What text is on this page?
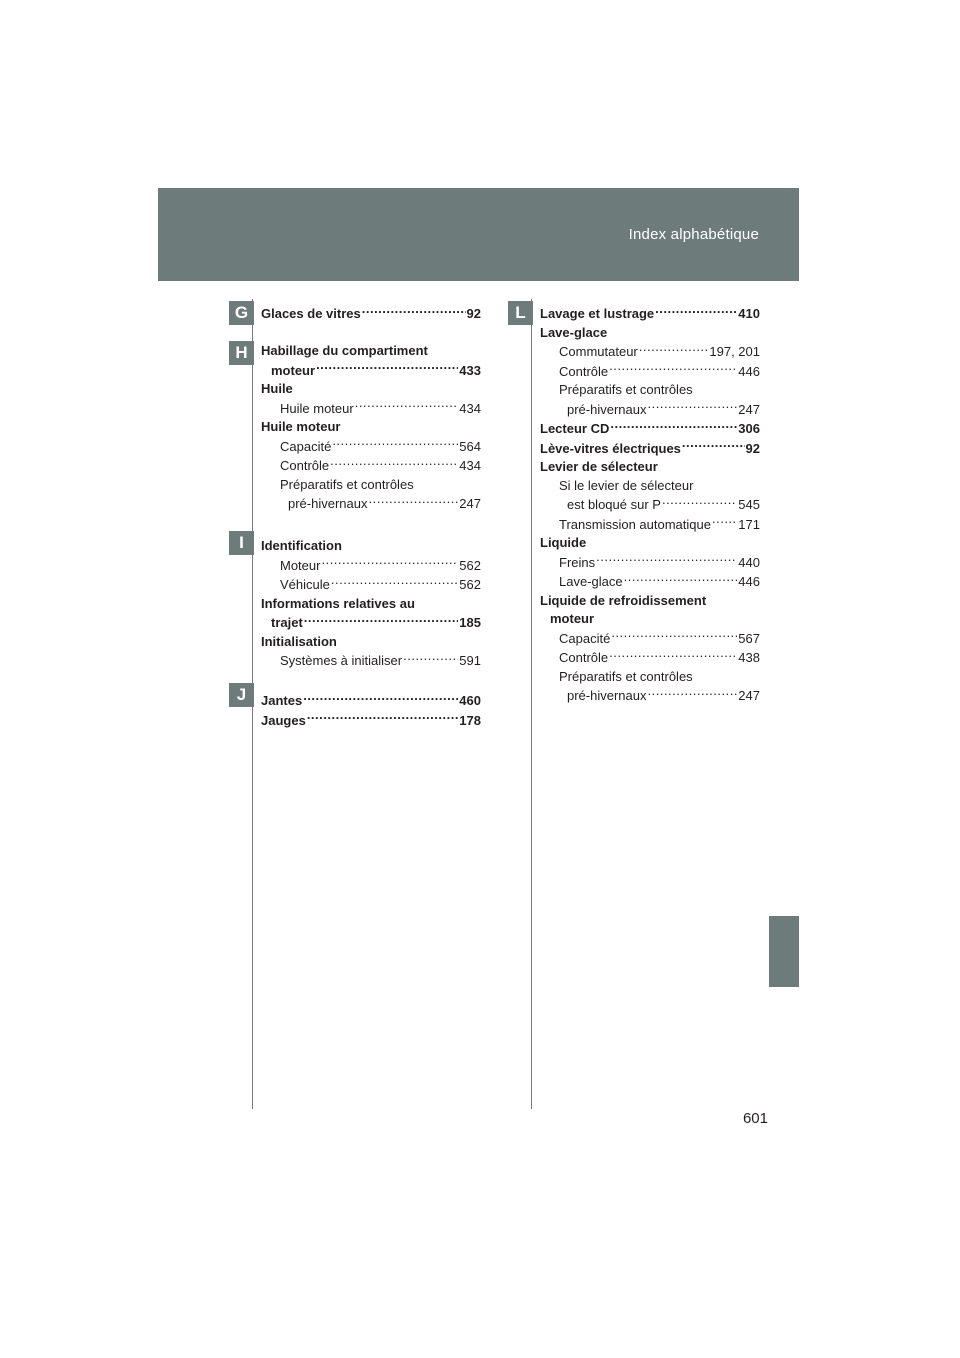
Index alphabétique
G
H
I
J
L
Glaces de vitres .....	92
Habillage du compartiment
moteur .....	433
Huile
Huile moteur .....	434
Huile moteur
Capacité .....	564
Contrôle .....	434
Préparatifs et contrôles
pré-hivernaux .....	247
Identification
Moteur .....	562
Véhicule .....	562
Informations relatives au
trajet .....	185
Initialisation
Systèmes à initialiser .....	591
Jantes .....	460
Jauges .....	178
Lavage et lustrage .....	410
Lave-glace
Commutateur .....	197, 201
Contrôle .....	446
Préparatifs et contrôles
pré-hivernaux .....	247
Lecteur CD .....	306
Lève-vitres électriques .....	92
Levier de sélecteur
Si le levier de sélecteur
est bloqué sur P .....	545
Transmission automatique ..... 171
Liquide
Freins .....	440
Lave-glace .....	446
Liquide de refroidissement
moteur
Capacité .....	567
Contrôle .....	438
Préparatifs et contrôles
pré-hivernaux .....	247
601
